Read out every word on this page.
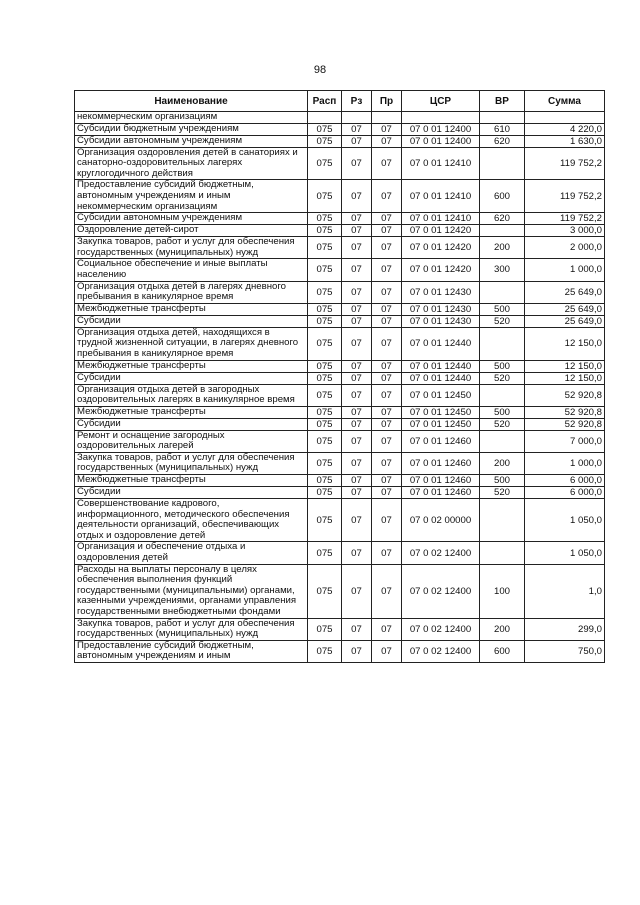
98
Наименование	Расп	Рз	Пр	ЦСР	ВР	Сумма
некоммерческим организациям						
Субсидии бюджетным учреждениям	075	07	07	07 0 01 12400	610	4 220,0
Субсидии автономным учреждениям	075	07	07	07 0 01 12400	620	1 630,0
Организация оздоровления детей в санаториях и санаторно-оздоровительных лагерях круглогодичного действия	075	07	07	07 0 01 12410		119 752,2
Предоставление субсидий бюджетным, автономным учреждениям и иным некоммерческим организациям	075	07	07	07 0 01 12410	600	119 752,2
Субсидии автономным учреждениям	075	07	07	07 0 01 12410	620	119 752,2
Оздоровление детей-сирот	075	07	07	07 0 01 12420		3 000,0
Закупка товаров, работ и услуг для обеспечения государственных (муниципальных) нужд	075	07	07	07 0 01 12420	200	2 000,0
Социальное обеспечение и иные выплаты населению	075	07	07	07 0 01 12420	300	1 000,0
Организация отдыха детей в лагерях дневного пребывания в каникулярное время	075	07	07	07 0 01 12430		25 649,0
Межбюджетные трансферты	075	07	07	07 0 01 12430	500	25 649,0
Субсидии	075	07	07	07 0 01 12430	520	25 649,0
Организация отдыха детей, находящихся в трудной жизненной ситуации, в лагерях дневного пребывания в каникулярное время	075	07	07	07 0 01 12440		12 150,0
Межбюджетные трансферты	075	07	07	07 0 01 12440	500	12 150,0
Субсидии	075	07	07	07 0 01 12440	520	12 150,0
Организация отдыха детей в загородных оздоровительных лагерях в каникулярное время	075	07	07	07 0 01 12450		52 920,8
Межбюджетные трансферты	075	07	07	07 0 01 12450	500	52 920,8
Субсидии	075	07	07	07 0 01 12450	520	52 920,8
Ремонт и оснащение загородных оздоровительных лагерей	075	07	07	07 0 01 12460		7 000,0
Закупка товаров, работ и услуг для обеспечения государственных (муниципальных) нужд	075	07	07	07 0 01 12460	200	1 000,0
Межбюджетные трансферты	075	07	07	07 0 01 12460	500	6 000,0
Субсидии	075	07	07	07 0 01 12460	520	6 000,0
Совершенствование кадрового, информационного, методического обеспечения деятельности организаций, обеспечивающих отдых и оздоровление детей	075	07	07	07 0 02 00000		1 050,0
Организация и обеспечение отдыха и оздоровления детей	075	07	07	07 0 02 12400		1 050,0
Расходы на выплаты персоналу в целях обеспечения выполнения функций государственными (муниципальными) органами, казенными учреждениями, органами управления государственными внебюджетными фондами	075	07	07	07 0 02 12400	100	1,0
Закупка товаров, работ и услуг для обеспечения государственных (муниципальных) нужд	075	07	07	07 0 02 12400	200	299,0
Предоставление субсидий бюджетным, автономным учреждениям и иным	075	07	07	07 0 02 12400	600	750,0
